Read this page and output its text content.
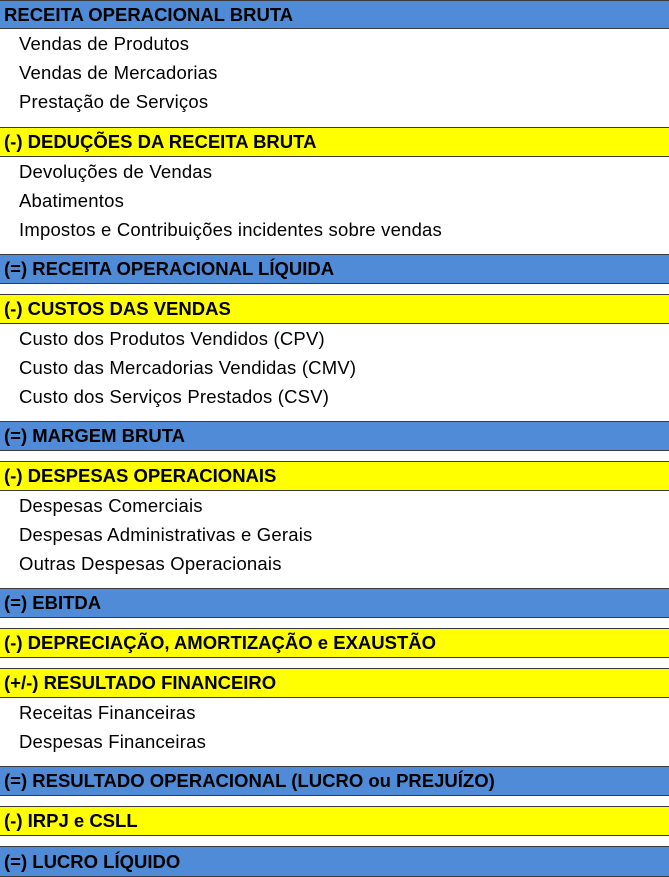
RECEITA OPERACIONAL BRUTA
Vendas de Produtos
Vendas de Mercadorias
Prestação de Serviços
(-) DEDUÇÕES DA RECEITA BRUTA
Devoluções de Vendas
Abatimentos
Impostos e Contribuições incidentes sobre vendas
(=) RECEITA OPERACIONAL LÍQUIDA
(-) CUSTOS DAS VENDAS
Custo dos Produtos Vendidos (CPV)
Custo das Mercadorias Vendidas (CMV)
Custo dos Serviços Prestados (CSV)
(=) MARGEM BRUTA
(-) DESPESAS OPERACIONAIS
Despesas Comerciais
Despesas Administrativas e Gerais
Outras Despesas Operacionais
(=) EBITDA
(-) DEPRECIAÇÃO, AMORTIZAÇÃO e EXAUSTÃO
(+/-) RESULTADO FINANCEIRO
Receitas Financeiras
Despesas Financeiras
(=) RESULTADO OPERACIONAL (LUCRO ou PREJUÍZO)
(-) IRPJ e CSLL
(=) LUCRO LÍQUIDO
